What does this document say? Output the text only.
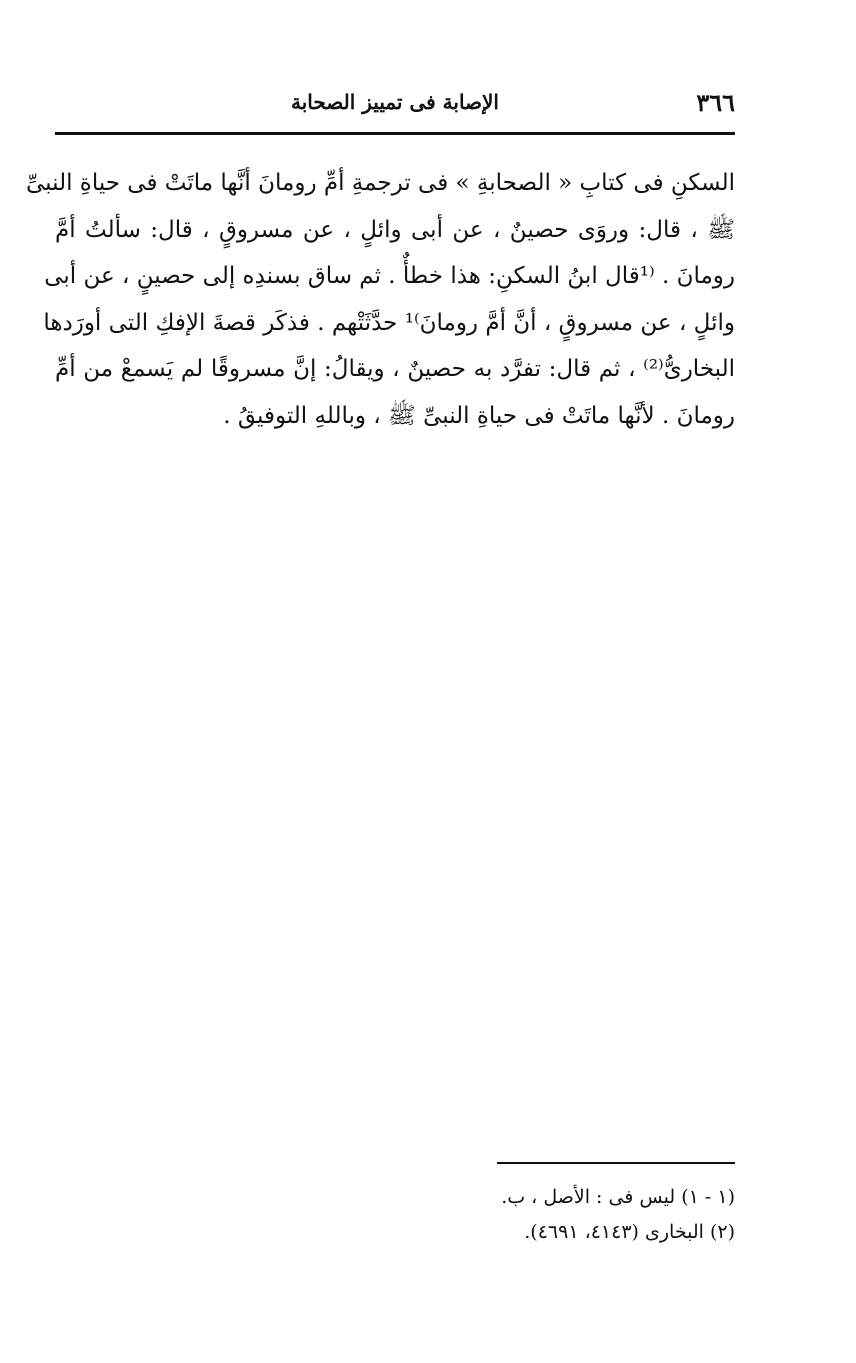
٣٦٦
الإصابة فى تمييز الصحابة
السكنِ فى كتابِ « الصحابةِ » فى ترجمةِ أمِّ رومانَ أنَّها ماتَتْ فى حياةِ النبىِّ
ﷺ ، قال: وروَى حصينٌ ، عن أبى وائلٍ ، عن مسروقٍ ، قال: سألتُ أمَّ
رومانَ . ⁽¹قال ابنُ السكنِ: هذا خطأٌ . ثم ساق بسندِه إلى حصينٍ ، عن أبى
وائلٍ ، عن مسروقٍ ، أنَّ أمَّ رومانَ⁾¹ حدَّثَتْهم . فذكَر قصةَ الإفكِ التى أورَدها
البخارىُّ⁽²⁾ ، ثم قال: تفرَّد به حصينٌ ، ويقالُ: إنَّ مسروقًا لم يَسمعْ من أمِّ
رومانَ . لأنَّها ماتَتْ فى حياةِ النبىِّ ﷺ ، وباللهِ التوفيقُ .
(١ - ١) ليس فى : الأصل ، ب.
(٢) البخارى (٤١٤٣، ٤٦٩١).
